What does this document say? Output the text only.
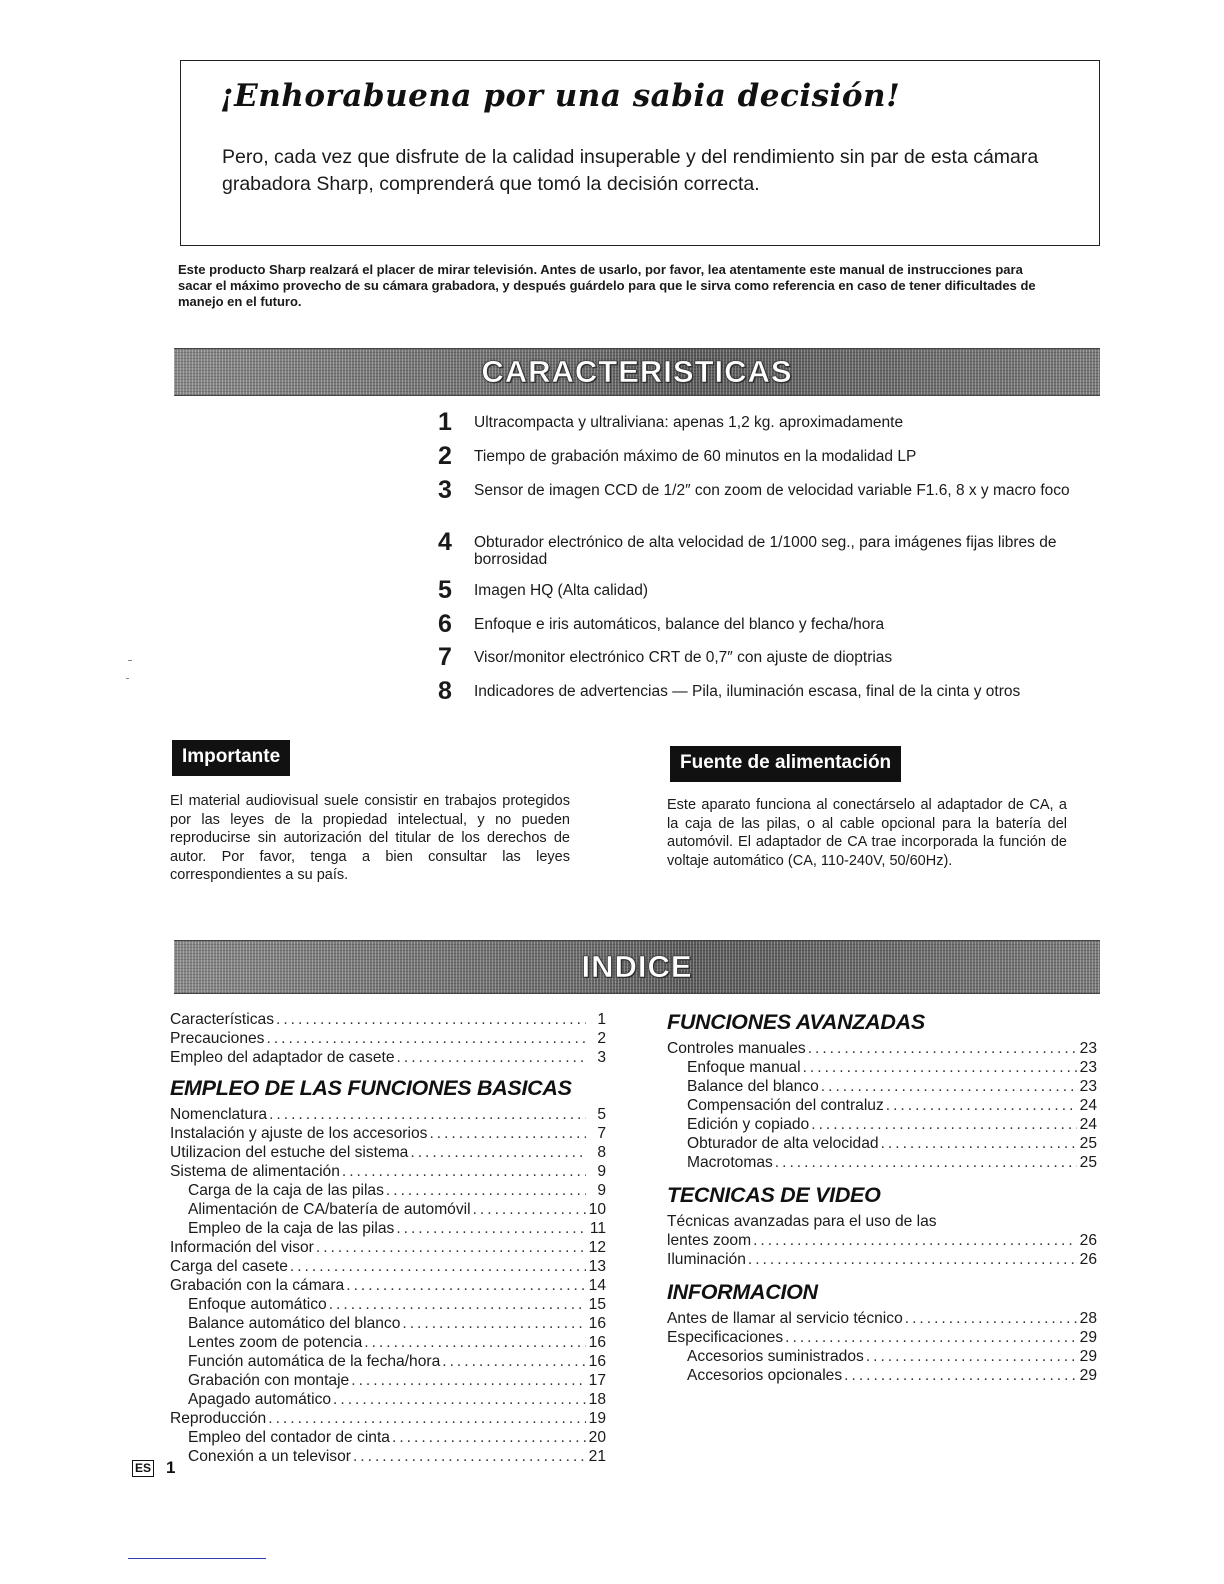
¡Enhorabuena por una sabia decisión!
Pero, cada vez que disfrute de la calidad insuperable y del rendimiento sin par de esta cámara grabadora Sharp, comprenderá que tomó la decisión correcta.
Este producto Sharp realzará el placer de mirar televisión. Antes de usarlo, por favor, lea atentamente este manual de instrucciones para sacar el máximo provecho de su cámara grabadora, y después guárdelo para que le sirva como referencia en caso de tener dificultades de manejo en el futuro.
CARACTERISTICAS
1	Ultracompacta y ultraliviana: apenas 1,2 kg. aproximadamente
2	Tiempo de grabación máximo de 60 minutos en la modalidad LP
3	Sensor de imagen CCD de 1/2″ con zoom de velocidad variable F1.6, 8 x y macro foco
4	Obturador electrónico de alta velocidad de 1/1000 seg., para imágenes fijas libres de borrosidad
5	Imagen HQ (Alta calidad)
6	Enfoque e iris automáticos, balance del blanco y fecha/hora
7	Visor/monitor electrónico CRT de 0,7″ con ajuste de dioptrias
8	Indicadores de advertencias — Pila, iluminación escasa, final de la cinta y otros
Importante
El material audiovisual suele consistir en trabajos protegidos por las leyes de la propiedad intelectual, y no pueden reproducirse sin autorización del titular de los derechos de autor. Por favor, tenga a bien consultar las leyes correspondientes a su país.
Fuente de alimentación
Este aparato funciona al conectárselo al adaptador de CA, a la caja de las pilas, o al cable opcional para la batería del automóvil. El adaptador de CA trae incorporada la función de voltaje automático (CA, 110-240V, 50/60Hz).
INDICE
Características .....	1
Precauciones .....	2
Empleo del adaptador de casete .....	3
EMPLEO DE LAS FUNCIONES BASICAS
Nomenclatura .....	5
Instalación y ajuste de los accesorios .....	7
Utilizacion del estuche del sistema .....	8
Sistema de alimentación .....	9
Carga de la caja de las pilas .....	9
Alimentación de CA/batería de automóvil .....	10
Empleo de la caja de las pilas .....	11
Información del visor .....	12
Carga del casete .....	13
Grabación con la cámara .....	14
Enfoque automático .....	15
Balance automático del blanco .....	16
Lentes zoom de potencia .....	16
Función automática de la fecha/hora .....	16
Grabación con montaje .....	17
Apagado automático .....	18
Reproducción .....	19
Empleo del contador de cinta .....	20
Conexión a un televisor .....	21
FUNCIONES AVANZADAS
Controles manuales .....	23
Enfoque manual .....	23
Balance del blanco .....	23
Compensación del contraluz .....	24
Edición y copiado .....	24
Obturador de alta velocidad .....	25
Macrotomas .....	25
TECNICAS DE VIDEO
Técnicas avanzadas para el uso de las
lentes zoom .....	26
Iluminación .....	26
INFORMACION
Antes de llamar al servicio técnico .....	28
Especificaciones .....	29
Accesorios suministrados .....	29
Accesorios opcionales .....	29
ES 1
